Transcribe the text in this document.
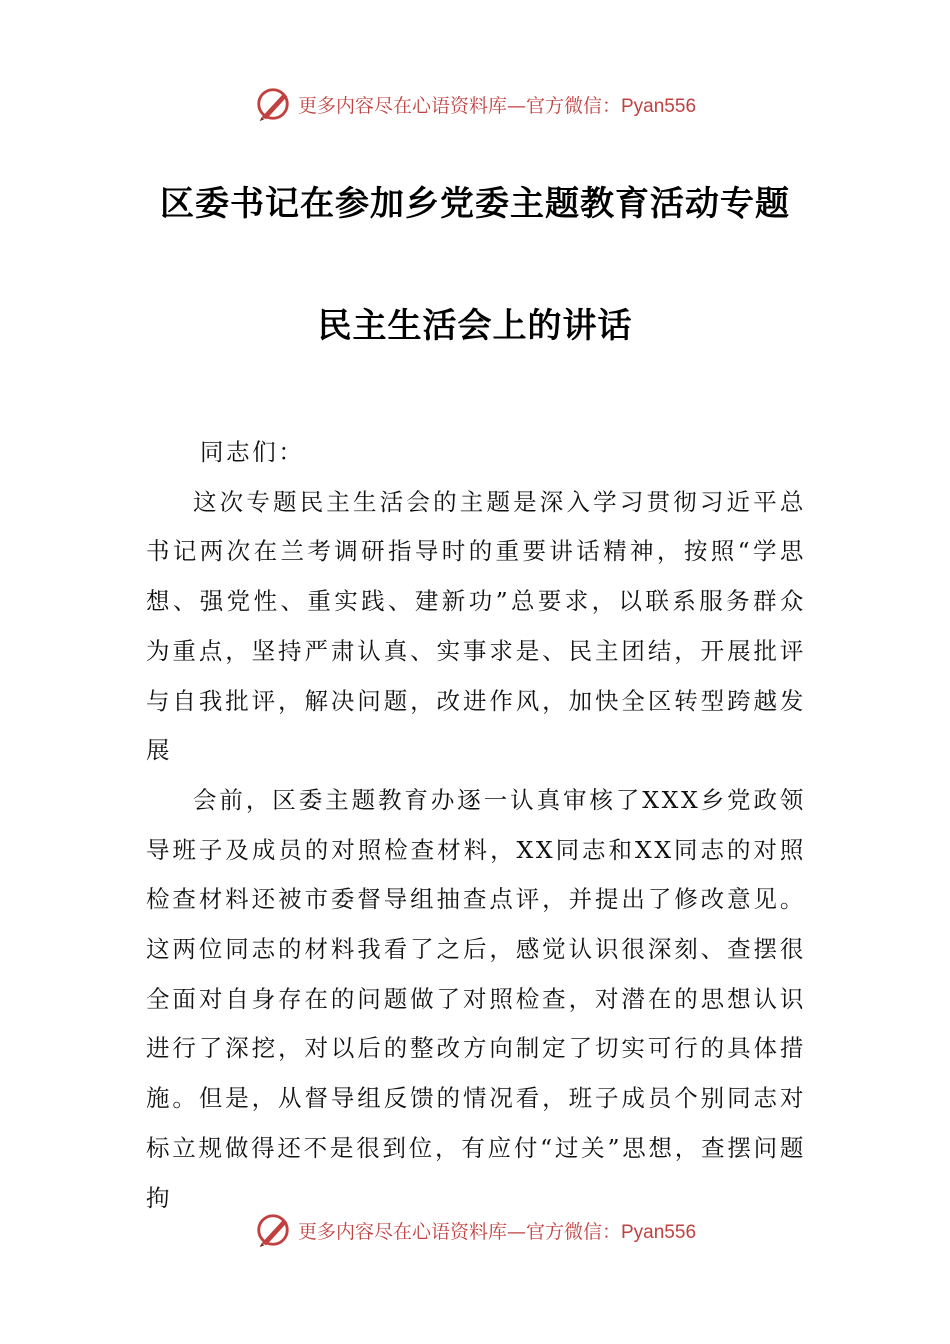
更多内容尽在心语资料库—官方微信：Pyan556
区委书记在参加乡党委主题教育活动专题
民主生活会上的讲话

同志们：

这次专题民主生活会的主题是深入学习贯彻习近平总书记两次在兰考调研指导时的重要讲话精神，按照“学思想、强党性、重实践、建新功”总要求，以联系服务群众为重点，坚持严肃认真、实事求是、民主团结，开展批评与自我批评，解决问题，改进作风，加快全区转型跨越发展

会前，区委主题教育办逐一认真审核了XXX乡党政领导班子及成员的对照检查材料，XX同志和XX同志的对照检查材料还被市委督导组抽查点评，并提出了修改意见。这两位同志的材料我看了之后，感觉认识很深刻、查摆很全面对自身存在的问题做了对照检查，对潜在的思想认识进行了深挖，对以后的整改方向制定了切实可行的具体措施。但是，从督导组反馈的情况看，班子成员个别同志对标立规做得还不是很到位，有应付“过关”思想，查摆问题拘

更多内容尽在心语资料库—官方微信：Pyan556
